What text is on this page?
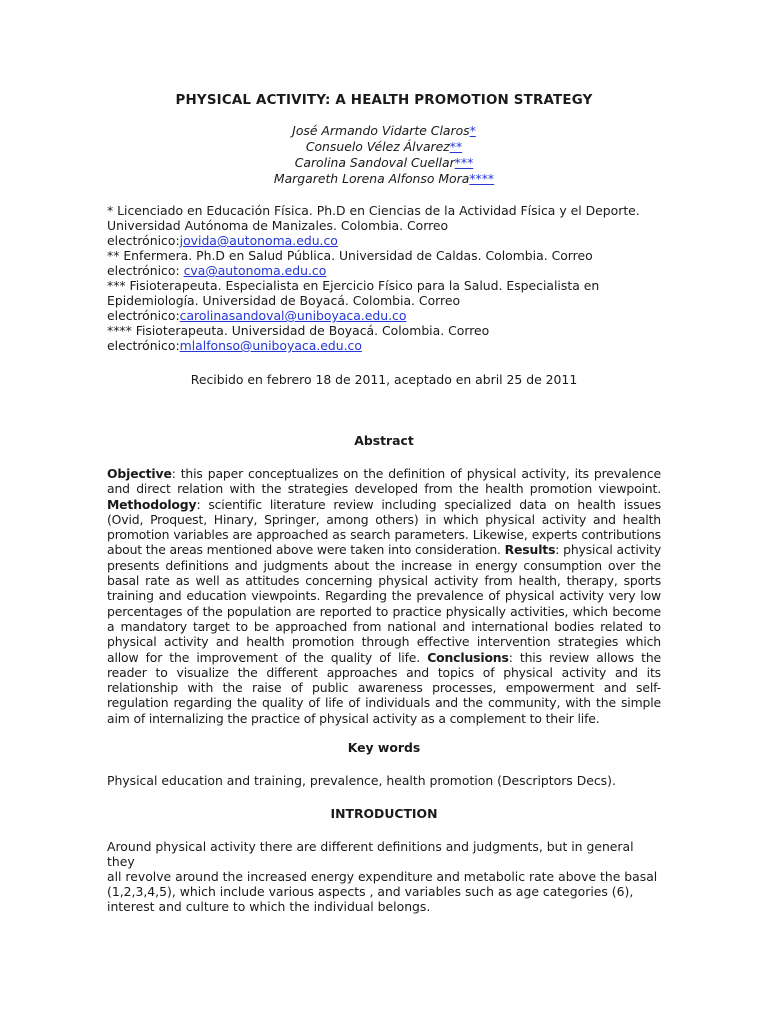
PHYSICAL ACTIVITY: A HEALTH PROMOTION STRATEGY
José Armando Vidarte Claros*
Consuelo Vélez Álvarez**
Carolina Sandoval Cuellar***
Margareth Lorena Alfonso Mora****
* Licenciado en Educación Física. Ph.D en Ciencias de la Actividad Física y el Deporte.
Universidad Autónoma de Manizales. Colombia. Correo
electrónico:jovida@autonoma.edu.co
** Enfermera. Ph.D en Salud Pública. Universidad de Caldas. Colombia. Correo
electrónico: cva@autonoma.edu.co
*** Fisioterapeuta. Especialista en Ejercicio Físico para la Salud. Especialista en
Epidemiología. Universidad de Boyacá. Colombia. Correo
electrónico:carolinasandoval@uniboyaca.edu.co
**** Fisioterapeuta. Universidad de Boyacá. Colombia. Correo
electrónico:mlalfonso@uniboyaca.edu.co
Recibido en febrero 18 de 2011, aceptado en abril 25 de 2011
Abstract
Objective: this paper conceptualizes on the definition of physical activity, its prevalence and direct relation with the strategies developed from the health promotion viewpoint. Methodology: scientific literature review including specialized data on health issues (Ovid, Proquest, Hinary, Springer, among others) in which physical activity and health promotion variables are approached as search parameters. Likewise, experts contributions about the areas mentioned above were taken into consideration. Results: physical activity presents definitions and judgments about the increase in energy consumption over the basal rate as well as attitudes concerning physical activity from health, therapy, sports training and education viewpoints. Regarding the prevalence of physical activity very low percentages of the population are reported to practice physically activities, which become a mandatory target to be approached from national and international bodies related to physical activity and health promotion through effective intervention strategies which allow for the improvement of the quality of life. Conclusions: this review allows the reader to visualize the different approaches and topics of physical activity and its relationship with the raise of public awareness processes, empowerment and self-regulation regarding the quality of life of individuals and the community, with the simple aim of internalizing the practice of physical activity as a complement to their life.
Key words
Physical education and training, prevalence, health promotion (Descriptors Decs).
INTRODUCTION
Around physical activity there are different definitions and judgments, but in general they
all revolve around the increased energy expenditure and metabolic rate above the basal
(1,2,3,4,5), which include various aspects , and variables such as age categories (6),
interest and culture to which the individual belongs.
